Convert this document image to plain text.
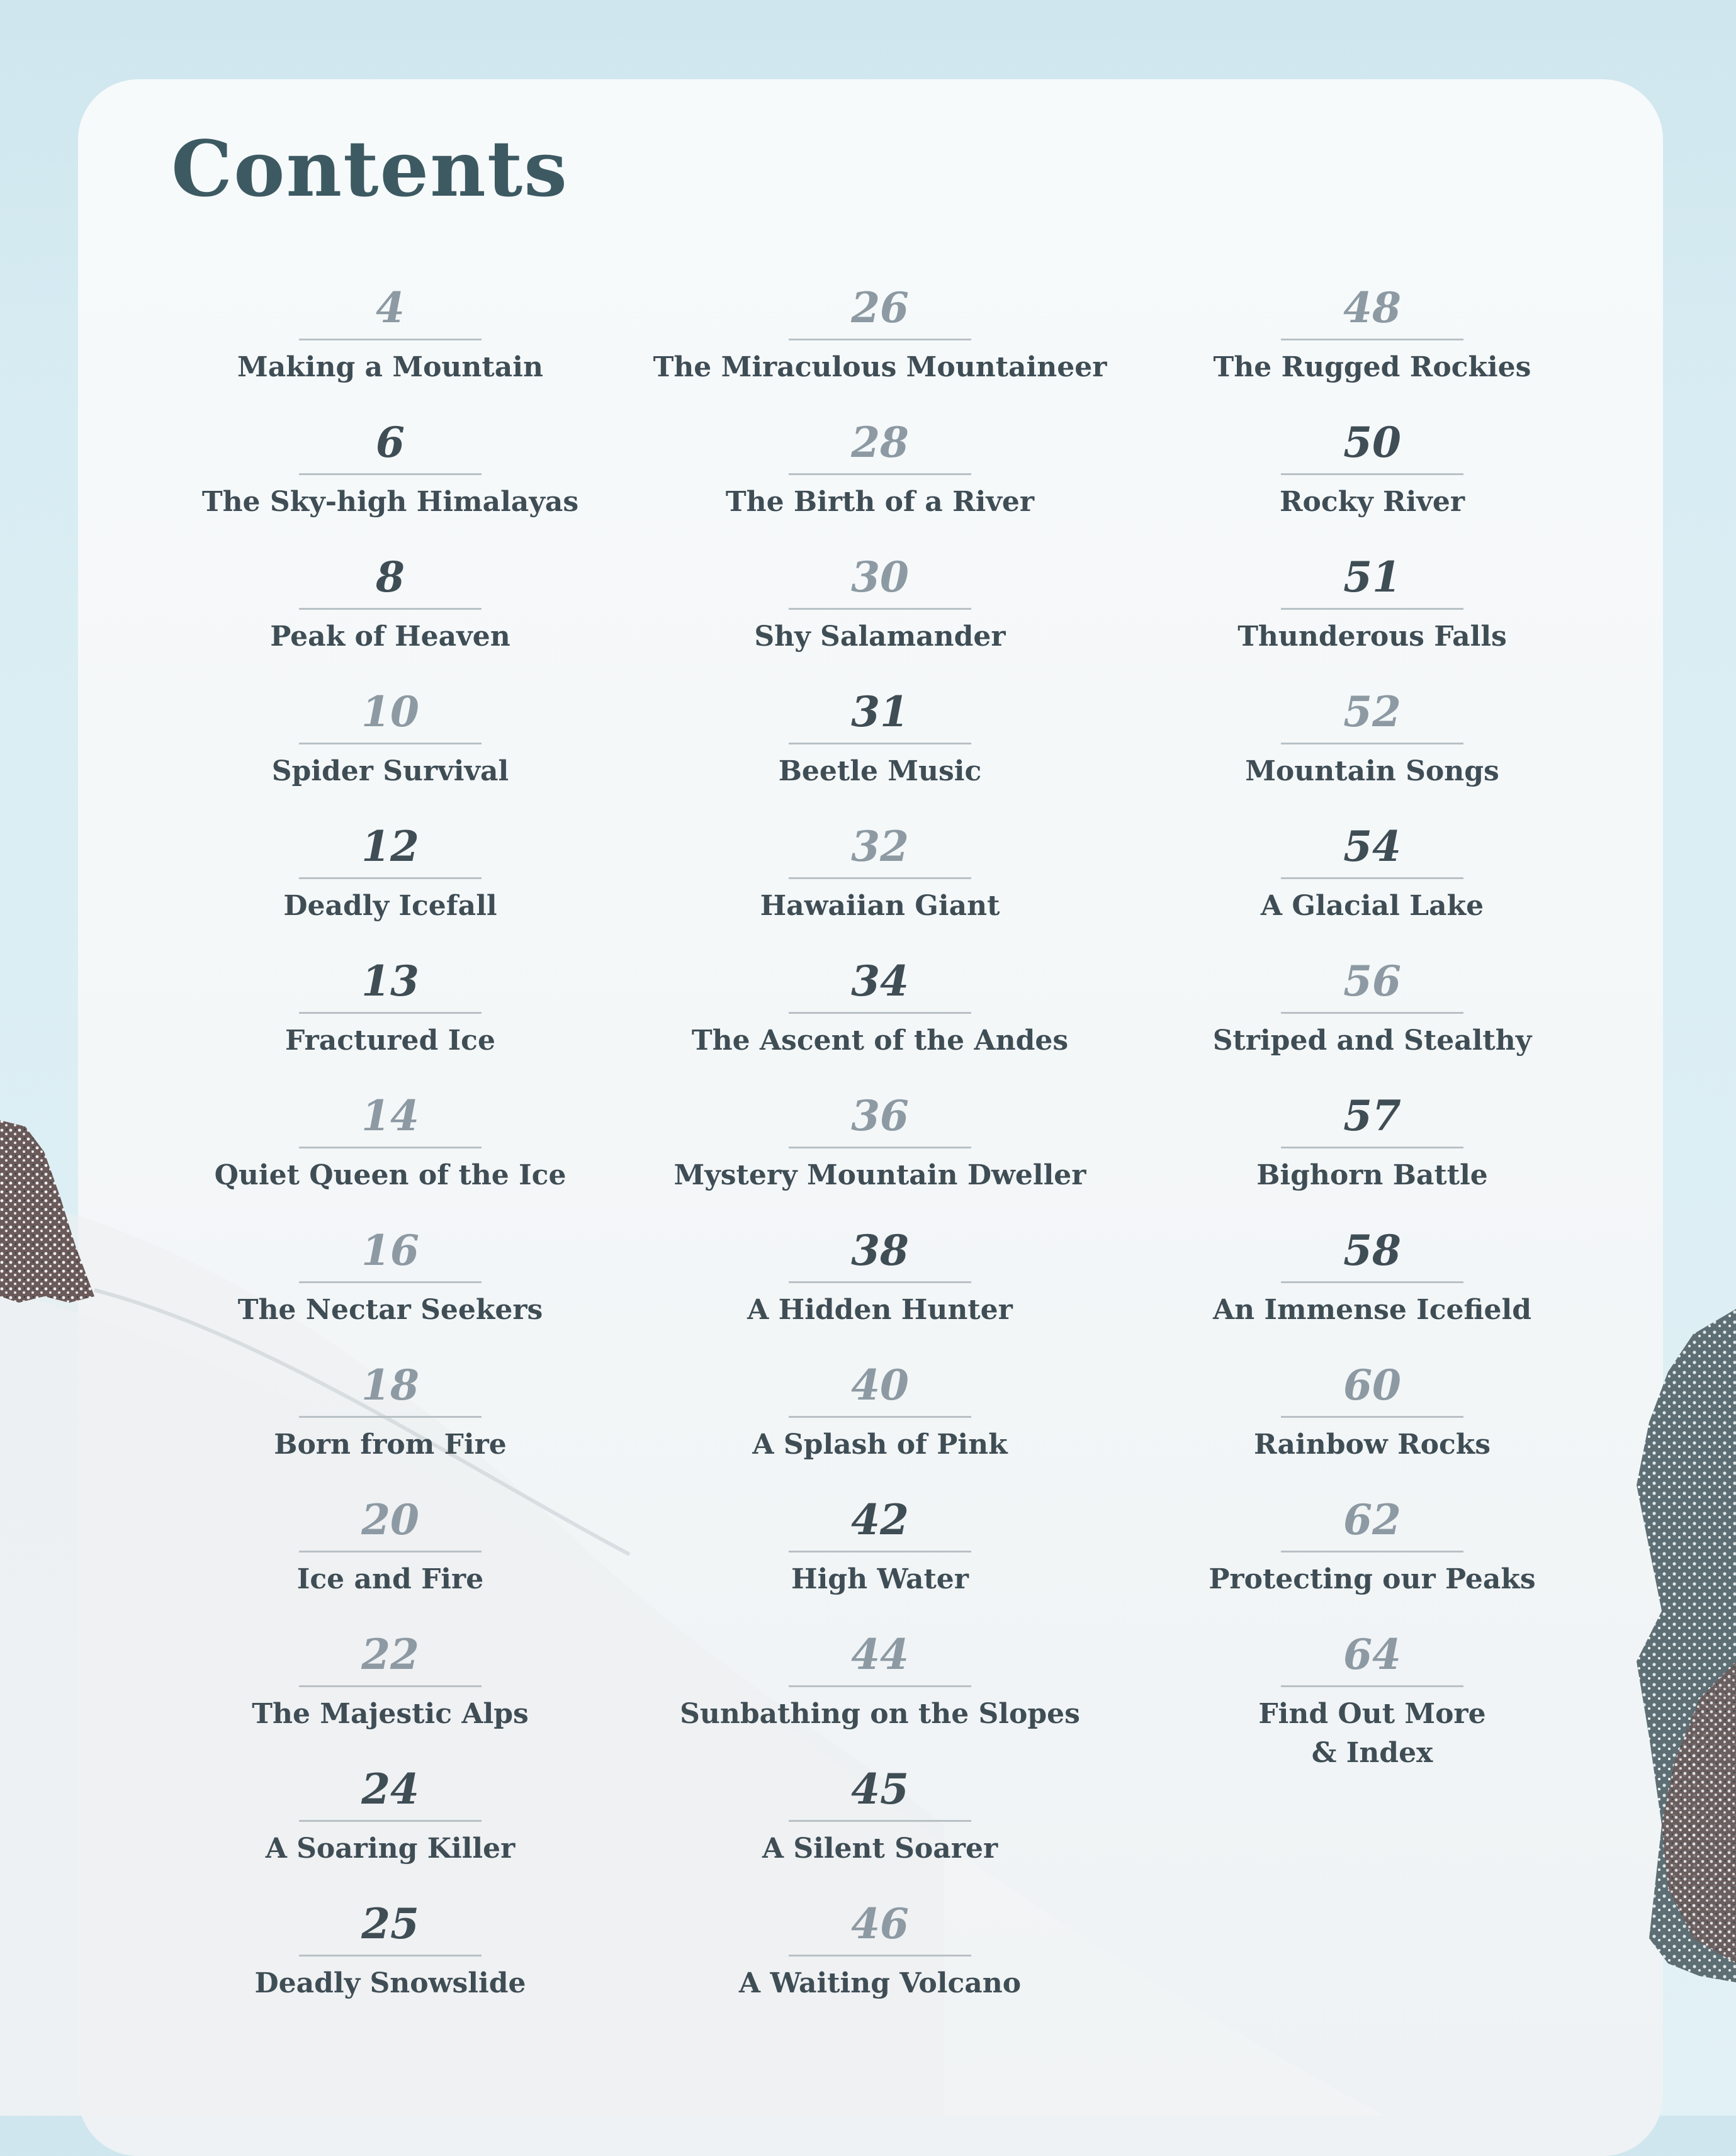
Contents
4
Making a Mountain
6
The Sky-high Himalayas
8
Peak of Heaven
10
Spider Survival
12
Deadly Icefall
13
Fractured Ice
14
Quiet Queen of the Ice
16
The Nectar Seekers
18
Born from Fire
20
Ice and Fire
22
The Majestic Alps
24
A Soaring Killer
25
Deadly Snowslide
26
The Miraculous Mountaineer
28
The Birth of a River
30
Shy Salamander
31
Beetle Music
32
Hawaiian Giant
34
The Ascent of the Andes
36
Mystery Mountain Dweller
38
A Hidden Hunter
40
A Splash of Pink
42
High Water
44
Sunbathing on the Slopes
45
A Silent Soarer
46
A Waiting Volcano
48
The Rugged Rockies
50
Rocky River
51
Thunderous Falls
52
Mountain Songs
54
A Glacial Lake
56
Striped and Stealthy
57
Bighorn Battle
58
An Immense Icefield
60
Rainbow Rocks
62
Protecting our Peaks
64
Find Out More
& Index
